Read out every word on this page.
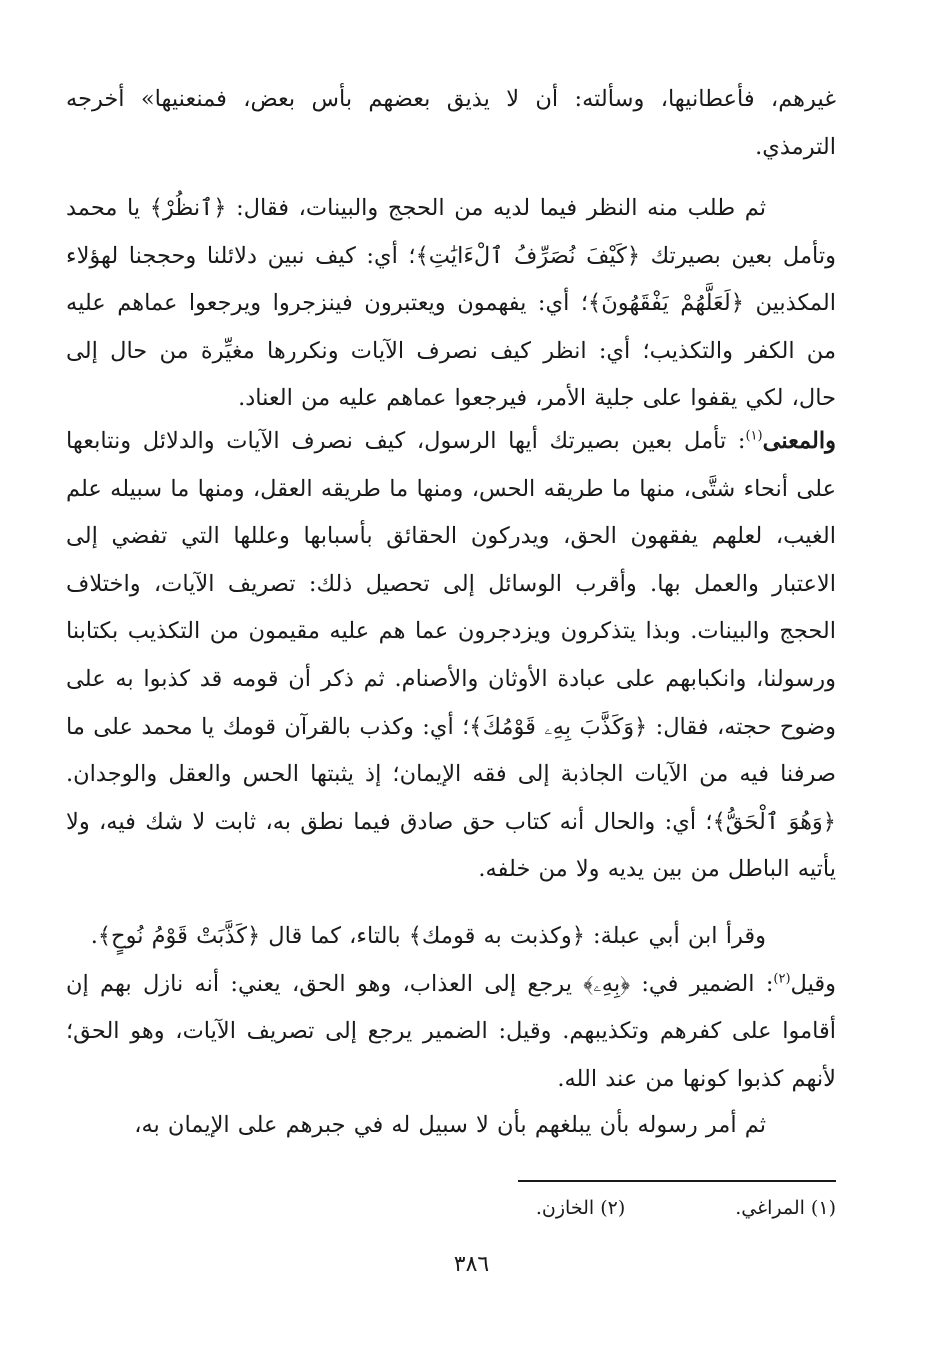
غيرهم، فأعطانيها، وسألته: أن لا يذيق بعضهم بأس بعض، فمنعنيها» أخرجه الترمذي.

ثم طلب منه النظر فيما لديه من الحجج والبينات، فقال: ﴿ٱنظُرْ﴾ يا محمد وتأمل بعين بصيرتك ﴿كَيْفَ نُصَرِّفُ ٱلْءَايَٰتِ﴾؛ أي: كيف نبين دلائلنا وحججنا لهؤلاء المكذبين ﴿لَعَلَّهُمْ يَفْقَهُونَ﴾؛ أي: يفهمون ويعتبرون فينزجروا ويرجعوا عماهم عليه من الكفر والتكذيب؛ أي: انظر كيف نصرف الآيات ونكررها مغيِّرة من حال إلى حال، لكي يقفوا على جلية الأمر، فيرجعوا عماهم عليه من العناد.

والمعنى$^{(١)}$: تأمل بعين بصيرتك أيها الرسول، كيف نصرف الآيات والدلائل ونتابعها على أنحاء شتَّى، منها ما طريقه الحس، ومنها ما طريقه العقل، ومنها ما سبيله علم الغيب، لعلهم يفقهون الحق، ويدركون الحقائق بأسبابها وعللها التي تفضي إلى الاعتبار والعمل بها. وأقرب الوسائل إلى تحصيل ذلك: تصريف الآيات، واختلاف الحجج والبينات. وبذا يتذكرون ويزدجرون عما هم عليه مقيمون من التكذيب بكتابنا ورسولنا، وانكبابهم على عبادة الأوثان والأصنام. ثم ذكر أن قومه قد كذبوا به على وضوح حجته، فقال: ﴿وَكَذَّبَ بِهِۦ قَوْمُكَ﴾؛ أي: وكذب بالقرآن قومك يا محمد على ما صرفنا فيه من الآيات الجاذبة إلى فقه الإيمان؛ إذ يثبتها الحس والعقل والوجدان. ﴿وَهُوَ ٱلْحَقُّ﴾؛ أي: والحال أنه كتاب حق صادق فيما نطق به، ثابت لا شك فيه، ولا يأتيه الباطل من بين يديه ولا من خلفه.

وقرأ ابن أبي عبلة: ﴿وكذبت به قومك﴾ بالتاء، كما قال ﴿كَذَّبَتْ قَوْمُ نُوحٍ﴾.

وقيل$^{(٢)}$: الضمير في: ﴿بِهِۦ﴾ يرجع إلى العذاب، وهو الحق، يعني: أنه نازل بهم إن أقاموا على كفرهم وتكذيبهم. وقيل: الضمير يرجع إلى تصريف الآيات، وهو الحق؛ لأنهم كذبوا كونها من عند الله.

ثم أمر رسوله بأن يبلغهم بأن لا سبيل له في جبرهم على الإيمان به،

(١) المراغي.(٢) الخازن.
٣٨٦
